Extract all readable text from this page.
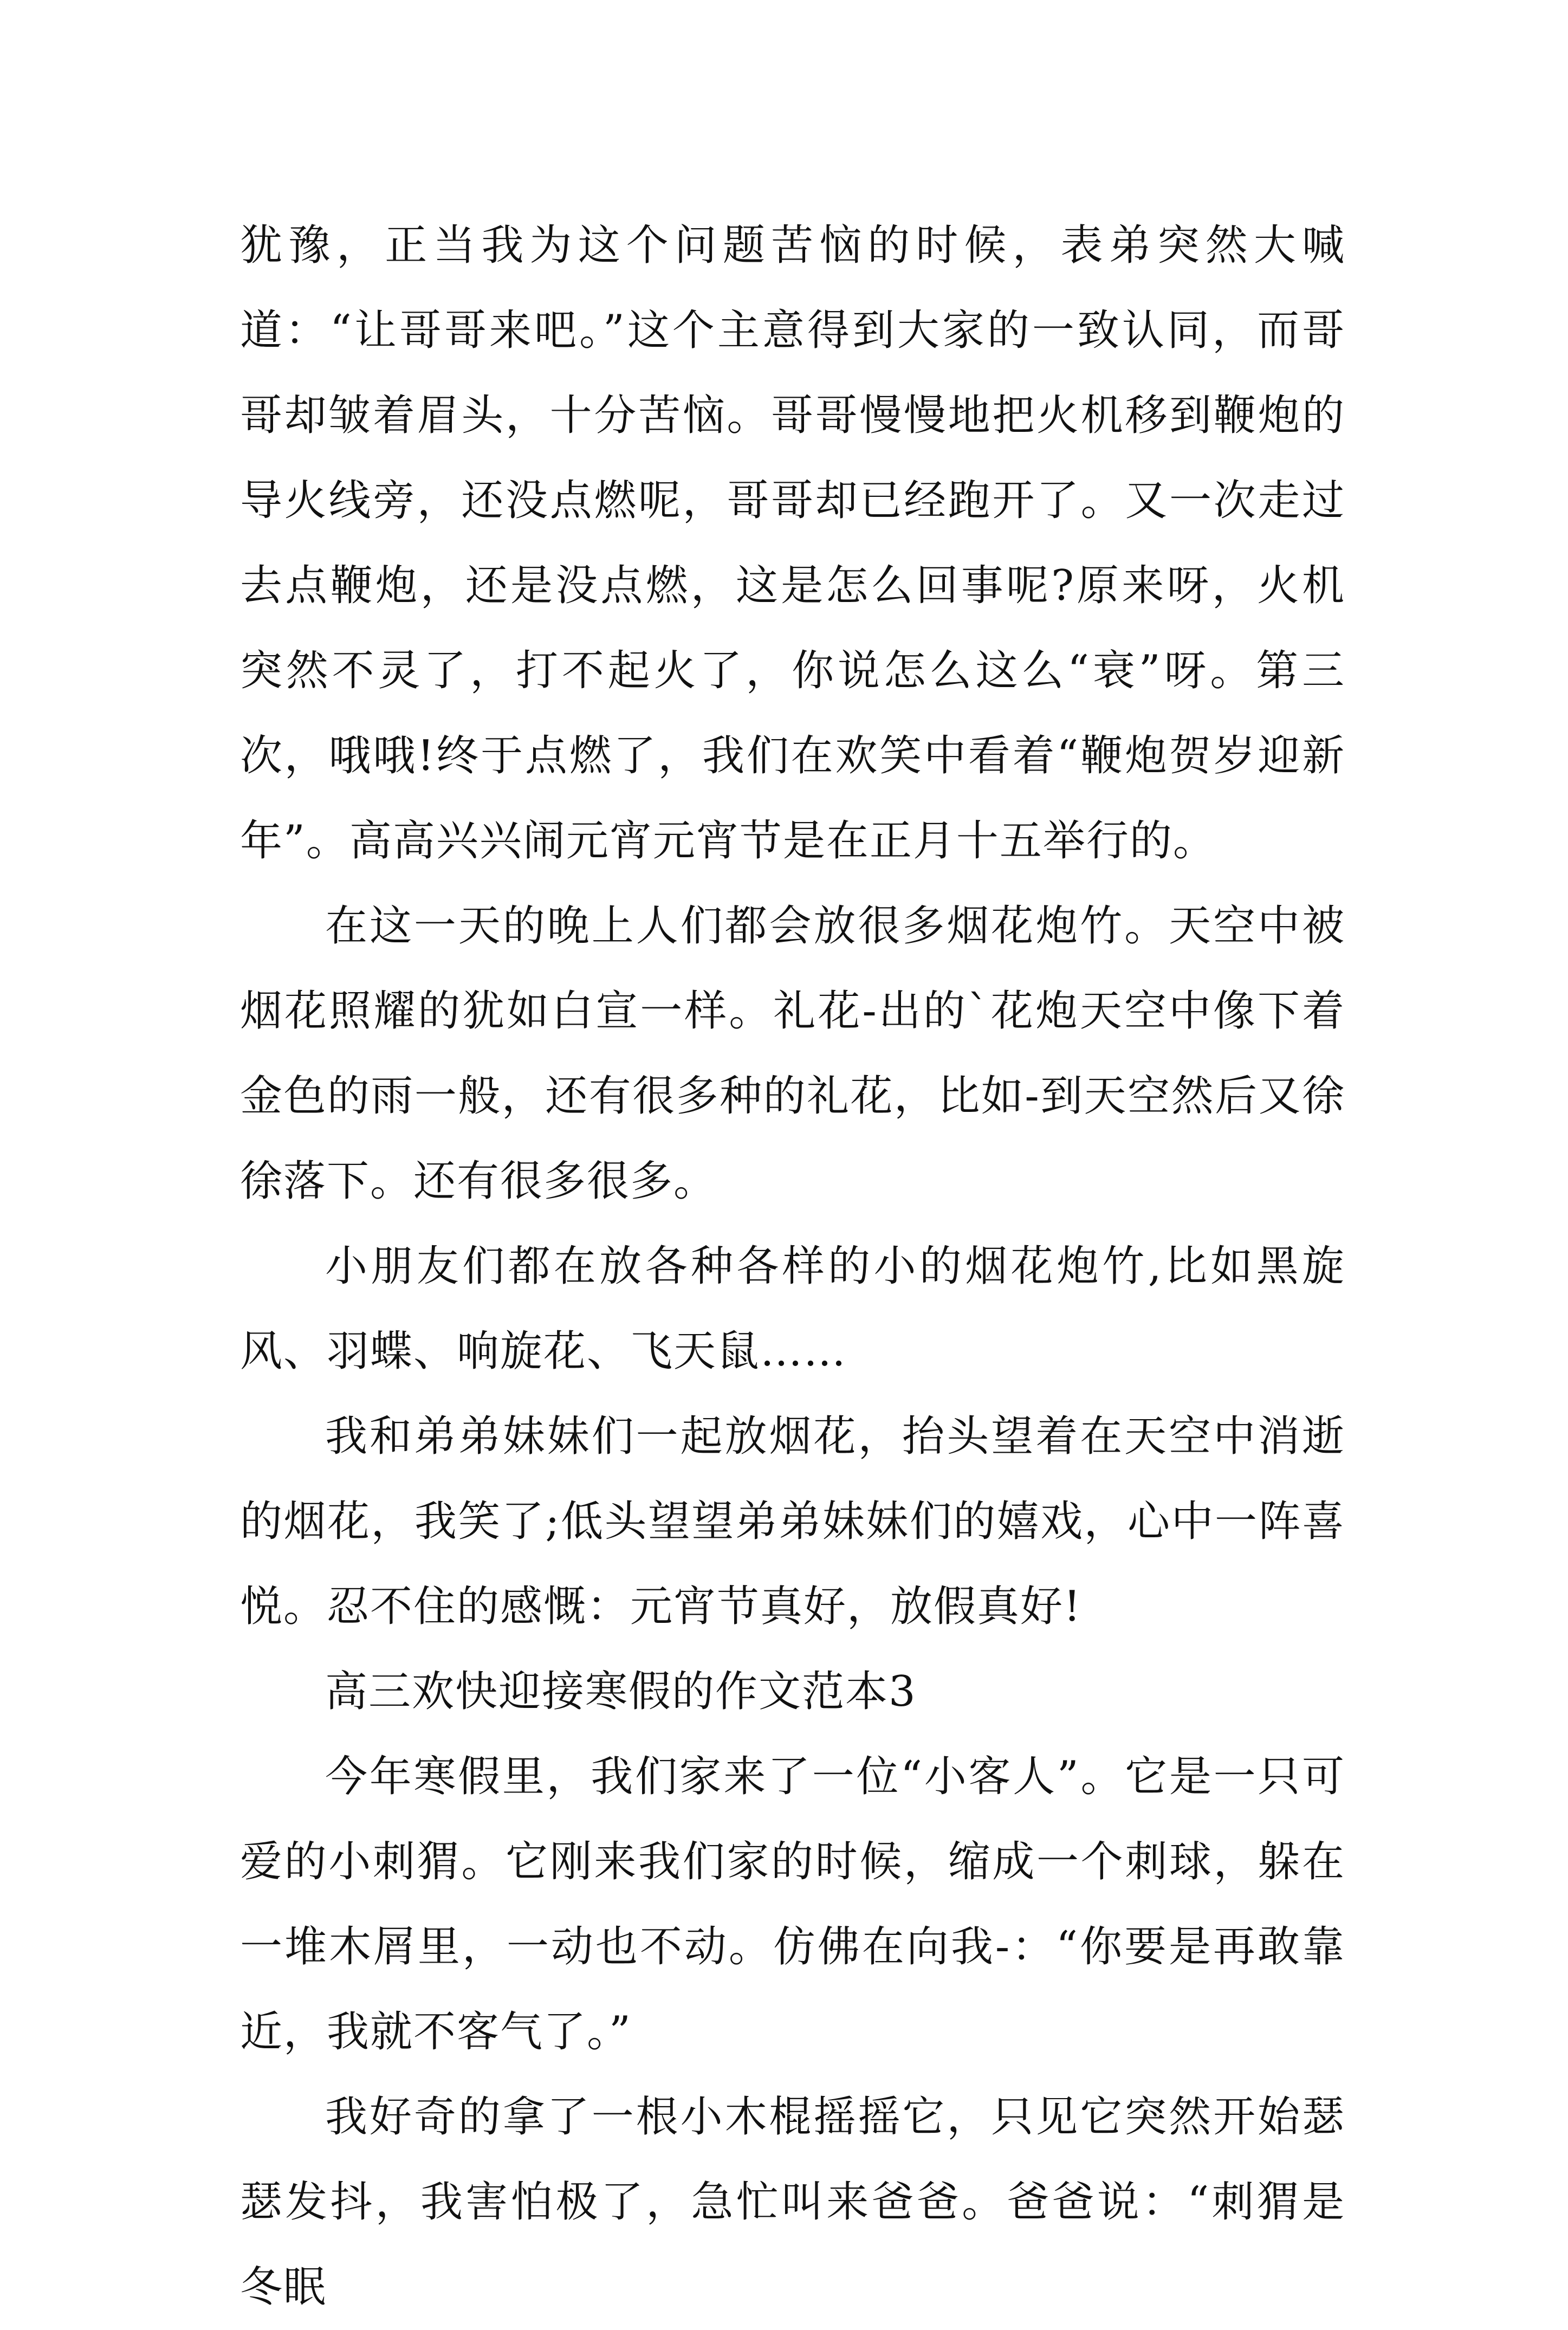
犹豫，正当我为这个问题苦恼的时候，表弟突然大喊道：“让哥哥来吧。”这个主意得到大家的一致认同，而哥哥却皱着眉头，十分苦恼。哥哥慢慢地把火机移到鞭炮的导火线旁，还没点燃呢，哥哥却已经跑开了。又一次走过去点鞭炮，还是没点燃，这是怎么回事呢?原来呀，火机突然不灵了，打不起火了，你说怎么这么“衰”呀。第三次，哦哦!终于点燃了，我们在欢笑中看着“鞭炮贺岁迎新年”。高高兴兴闹元宵元宵节是在正月十五举行的。

在这一天的晚上人们都会放很多烟花炮竹。天空中被烟花照耀的犹如白宣一样。礼花-出的`花炮天空中像下着金色的雨一般，还有很多种的礼花，比如-到天空然后又徐徐落下。还有很多很多。

小朋友们都在放各种各样的小的烟花炮竹,比如黑旋风、羽蝶、响旋花、飞天鼠……

我和弟弟妹妹们一起放烟花，抬头望着在天空中消逝的烟花，我笑了;低头望望弟弟妹妹们的嬉戏，心中一阵喜悦。忍不住的感慨：元宵节真好，放假真好!

高三欢快迎接寒假的作文范本3

今年寒假里，我们家来了一位“小客人”。它是一只可爱的小刺猬。它刚来我们家的时候，缩成一个刺球，躲在一堆木屑里，一动也不动。仿佛在向我-：“你要是再敢靠近，我就不客气了。”

我好奇的拿了一根小木棍摇摇它，只见它突然开始瑟瑟发抖，我害怕极了，急忙叫来爸爸。爸爸说：“刺猬是冬眠
